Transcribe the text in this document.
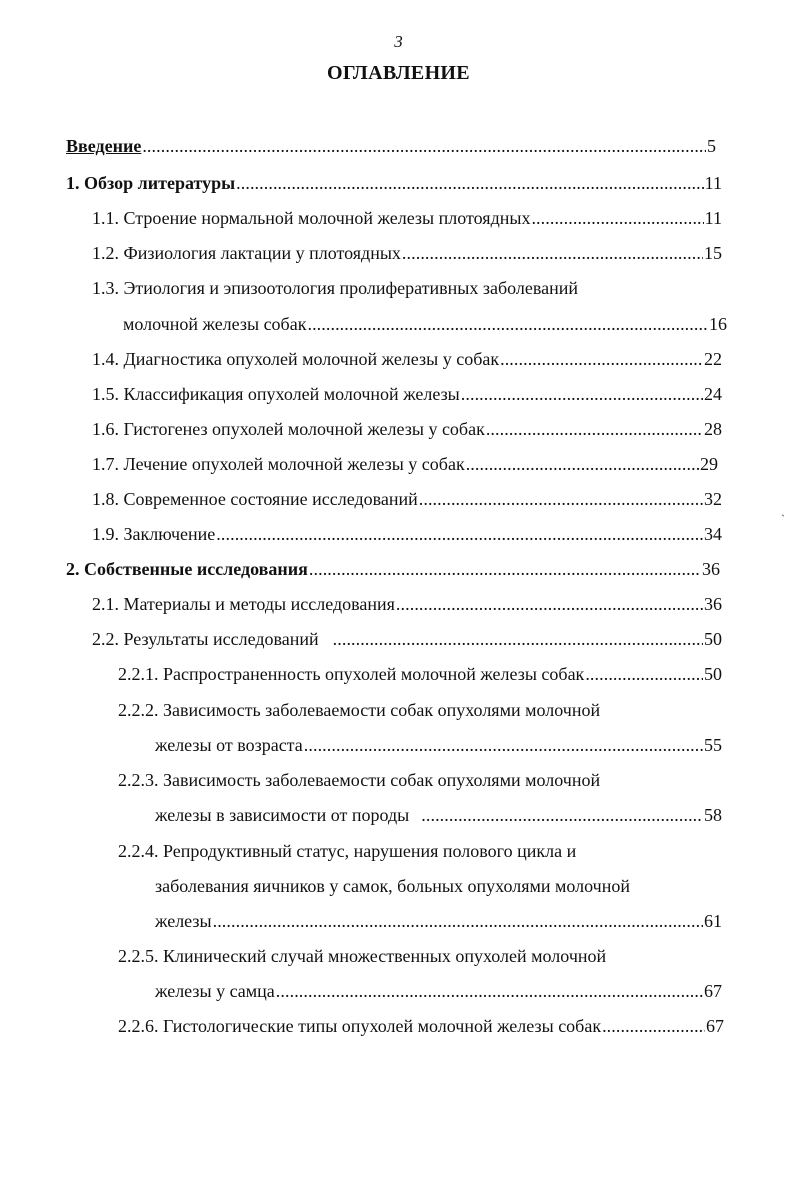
3
ОГЛАВЛЕНИЕ
Введение . . .	5
1. Обзор литературы . . .	11
1.1. Строение нормальной молочной железы плотоядных . . .	11
1.2. Физиология лактации у плотоядных . . .	15
1.3. Этиология и эпизоотология пролиферативных заболеваний
молочной железы собак . . .	16
1.4. Диагностика опухолей молочной железы у собак . . .	22
1.5. Классификация опухолей молочной железы . . .	24
1.6. Гистогенез опухолей молочной железы у собак . . .	28
1.7. Лечение опухолей молочной железы у собак . . .	29
1.8. Современное состояние исследований . . .	32
1.9. Заключение . . .	34
2. Собственные исследования . . .	36
2.1. Материалы и методы исследования . . .	36
2.2. Результаты исследований . . .	50
2.2.1. Распространенность опухолей молочной железы собак . . .	50
2.2.2. Зависимость заболеваемости собак опухолями молочной
железы от возраста . . .	55
2.2.3. Зависимость заболеваемости собак опухолями молочной
железы в зависимости от породы . . .	58
2.2.4. Репродуктивный статус, нарушения полового цикла и
заболевания яичников у самок, больных опухолями молочной
железы . . .	61
2.2.5. Клинический случай множественных опухолей молочной
железы у самца . . .	67
2.2.6. Гистологические типы опухолей молочной железы собак . . .	67
ˏ
